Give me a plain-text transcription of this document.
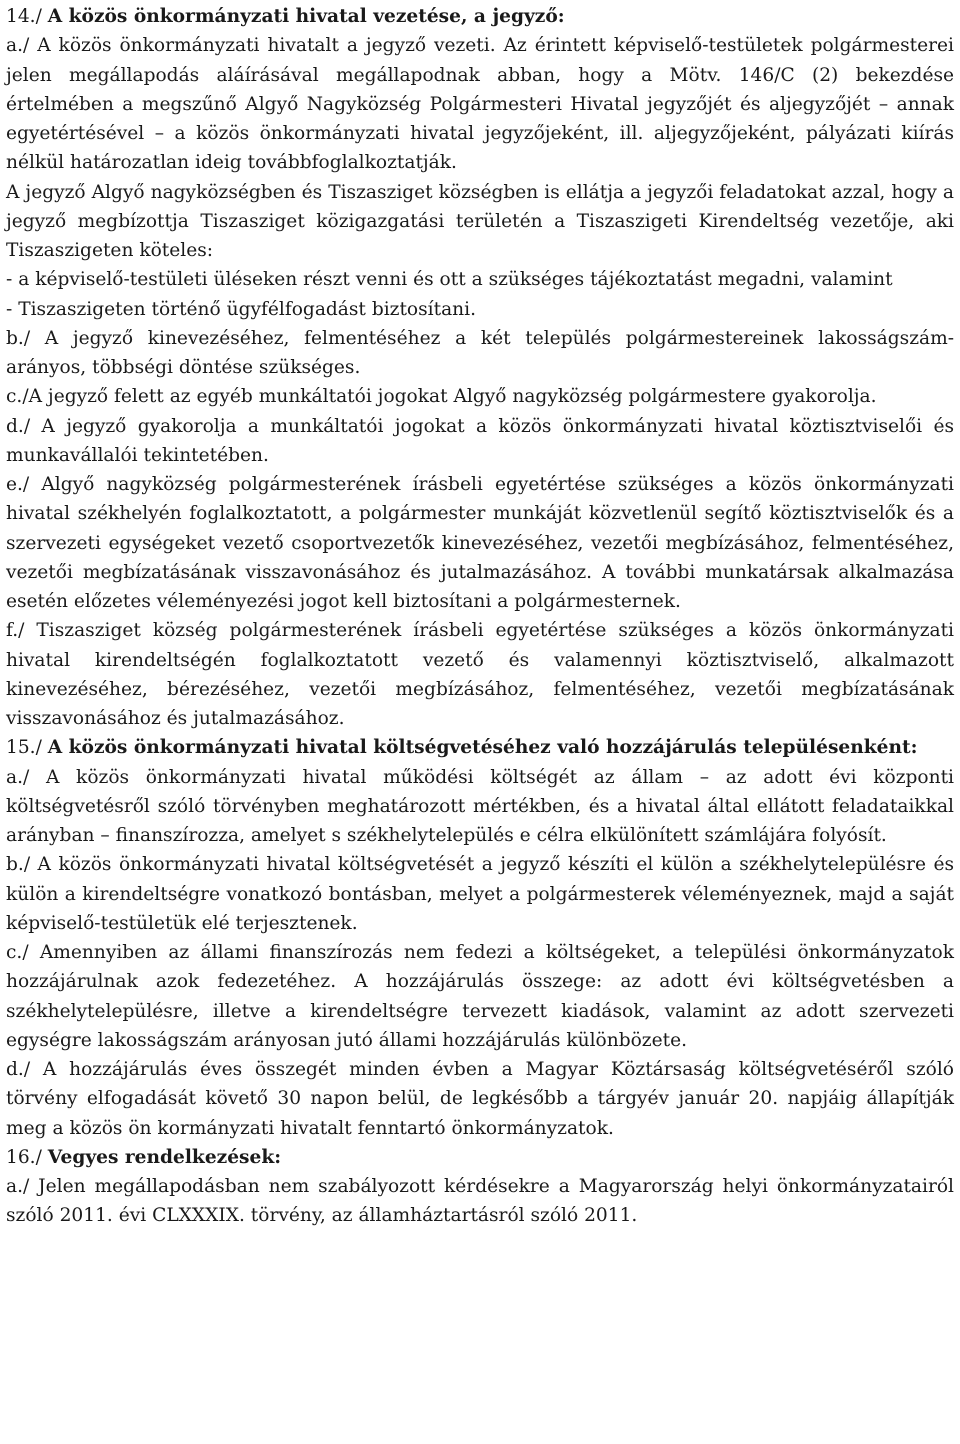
14./ A közös önkormányzati hivatal vezetése, a jegyző:

a./ A közös önkormányzati hivatalt a jegyző vezeti. Az érintett képviselő-testületek polgármesterei jelen megállapodás aláírásával megállapodnak abban, hogy a Mötv. 146/C (2) bekezdése értelmében a megszűnő Algyő Nagyközség Polgármesteri Hivatal jegyzőjét és aljegyzőjét – annak egyetértésével – a közös önkormányzati hivatal jegyzőjeként, ill. aljegyzőjeként, pályázati kiírás nélkül határozatlan ideig továbbfoglalkoztatják.

A jegyző Algyő nagyközségben és Tiszasziget községben is ellátja a jegyzői feladatokat azzal, hogy a jegyző megbízottja Tiszasziget közigazgatási területén a Tiszaszigeti Kirendeltség vezetője, aki Tiszaszigeten köteles:

- a képviselő-testületi üléseken részt venni és ott a szükséges tájékoztatást megadni, valamint

- Tiszaszigeten történő ügyfélfogadást biztosítani.

b./ A jegyző kinevezéséhez, felmentéséhez a két település polgármestereinek lakosságszám-arányos, többségi döntése szükséges.

c./A jegyző felett az egyéb munkáltatói jogokat Algyő nagyközség polgármestere gyakorolja.

d./ A jegyző gyakorolja a munkáltatói jogokat a közös önkormányzati hivatal köztisztviselői és munkavállalói tekintetében.

e./ Algyő nagyközség polgármesterének írásbeli egyetértése szükséges a közös önkormányzati hivatal székhelyén foglalkoztatott, a polgármester munkáját közvetlenül segítő köztisztviselők és a szervezeti egységeket vezető csoportvezetők kinevezéséhez, vezetői megbízásához, felmentéséhez, vezetői megbízatásának visszavonásához és jutalmazásához. A további munkatársak alkalmazása esetén előzetes véleményezési jogot kell biztosítani a polgármesternek.

f./ Tiszasziget község polgármesterének írásbeli egyetértése szükséges a közös önkormányzati hivatal kirendeltségén foglalkoztatott vezető és valamennyi köztisztviselő, alkalmazott kinevezéséhez, bérezéséhez, vezetői megbízásához, felmentéséhez, vezetői megbízatásának visszavonásához és jutalmazásához.

15./ A közös önkormányzati hivatal költségvetéséhez való hozzájárulás településenként:

a./ A közös önkormányzati hivatal működési költségét az állam – az adott évi központi költségvetésről szóló törvényben meghatározott mértékben, és a hivatal által ellátott feladataikkal arányban – finanszírozza, amelyet s székhelytelepülés e célra elkülönített számlájára folyósít.

b./ A közös önkormányzati hivatal költségvetését a jegyző készíti el külön a székhelytelepülésre és külön a kirendeltségre vonatkozó bontásban, melyet a polgármesterek véleményeznek, majd a saját képviselő-testületük elé terjesztenek.

c./ Amennyiben az állami finanszírozás nem fedezi a költségeket, a települési önkormányzatok hozzájárulnak azok fedezetéhez. A hozzájárulás összege: az adott évi költségvetésben a székhelytelepülésre, illetve a kirendeltségre tervezett kiadások, valamint az adott szervezeti egységre lakosságszám arányosan jutó állami hozzájárulás különbözete.

d./ A hozzájárulás éves összegét minden évben a Magyar Köztársaság költségvetéséről szóló törvény elfogadását követő 30 napon belül, de legkésőbb a tárgyév január 20. napjáig állapítják meg a közös ön kormányzati hivatalt fenntartó önkormányzatok.

16./ Vegyes rendelkezések:

a./ Jelen megállapodásban nem szabályozott kérdésekre a Magyarország helyi önkormányzatairól szóló 2011. évi CLXXXIX. törvény, az államháztartásról szóló 2011.
